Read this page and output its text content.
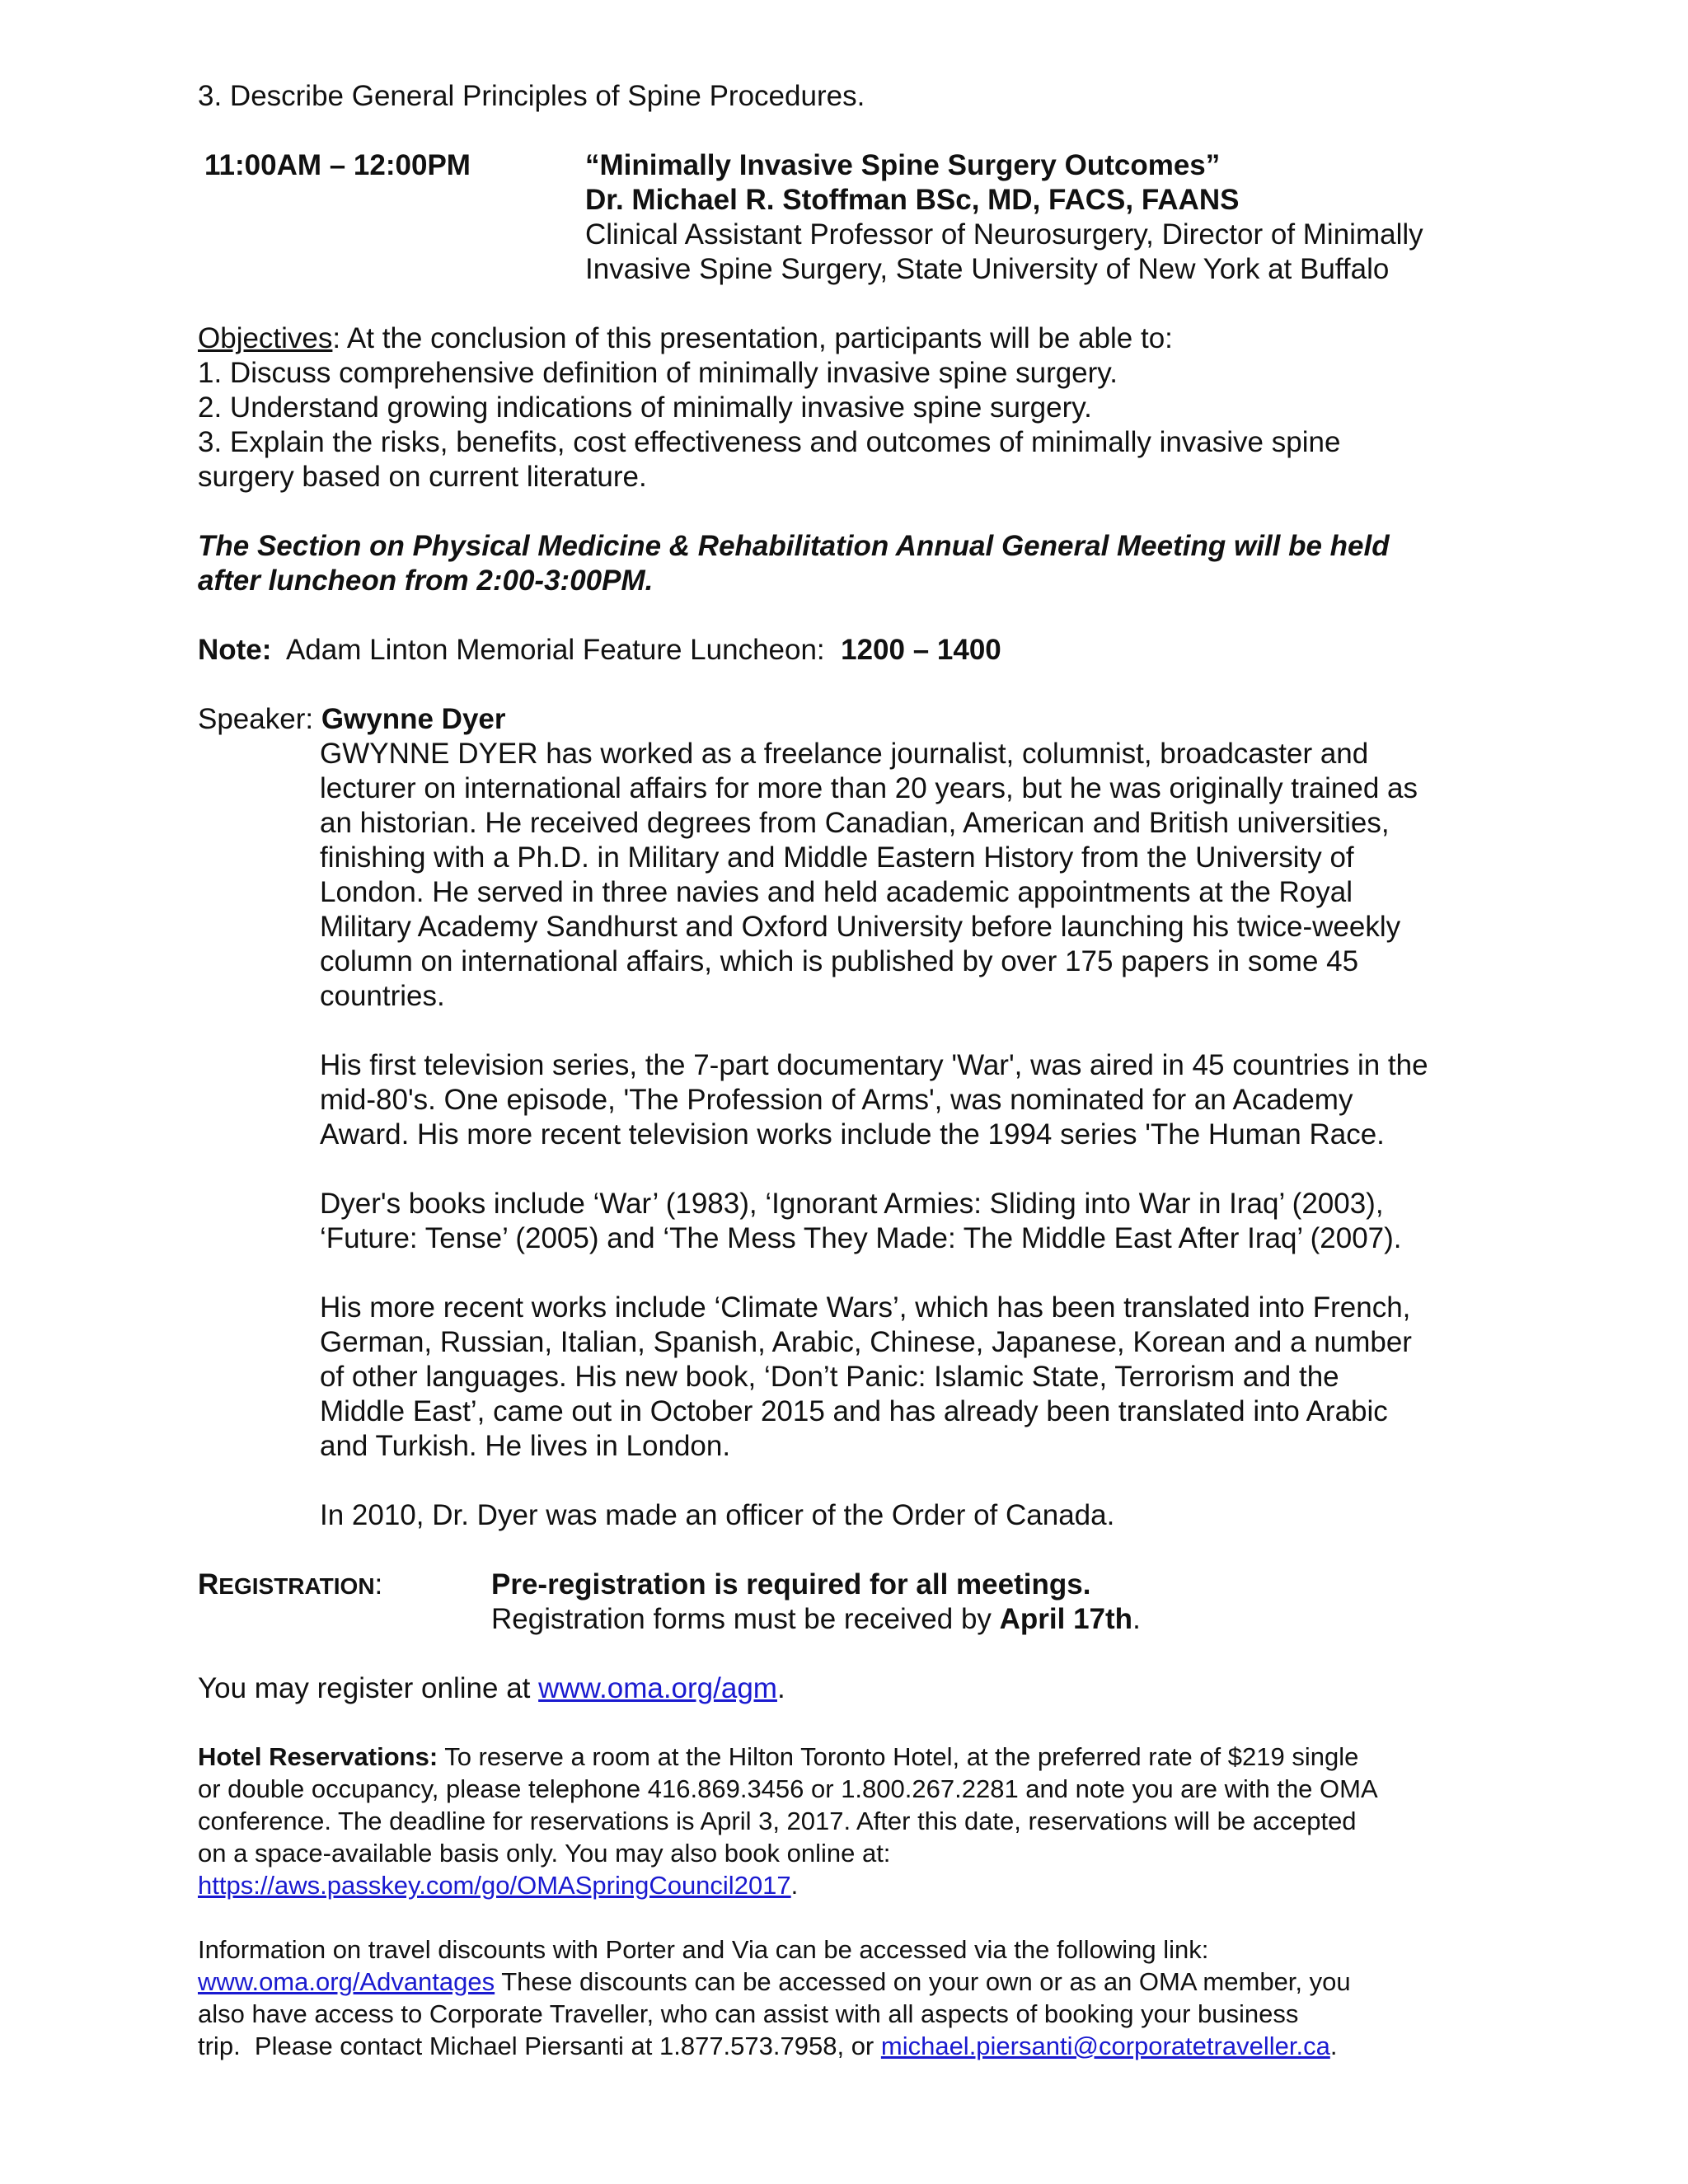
3. Describe General Principles of Spine Procedures.

11:00AM – 12:00PM	“Minimally Invasive Spine Surgery Outcomes”

Dr. Michael R. Stoffman BSc, MD, FACS, FAANS

Clinical Assistant Professor of Neurosurgery, Director of Minimally

Invasive Spine Surgery, State University of New York at Buffalo

Objectives: At the conclusion of this presentation, participants will be able to:

1. Discuss comprehensive definition of minimally invasive spine surgery.

2. Understand growing indications of minimally invasive spine surgery.

3. Explain the risks, benefits, cost effectiveness and outcomes of minimally invasive spine

surgery based on current literature.

The Section on Physical Medicine & Rehabilitation Annual General Meeting will be held

after luncheon from 2:00-3:00PM.

Note:  Adam Linton Memorial Feature Luncheon:  1200 – 1400

Speaker: Gwynne Dyer

GWYNNE DYER has worked as a freelance journalist, columnist, broadcaster and

lecturer on international affairs for more than 20 years, but he was originally trained as

an historian. He received degrees from Canadian, American and British universities,

finishing with a Ph.D. in Military and Middle Eastern History from the University of

London. He served in three navies and held academic appointments at the Royal

Military Academy Sandhurst and Oxford University before launching his twice-weekly

column on international affairs, which is published by over 175 papers in some 45

countries.

His first television series, the 7-part documentary 'War', was aired in 45 countries in the

mid-80's. One episode, 'The Profession of Arms', was nominated for an Academy

Award. His more recent television works include the 1994 series 'The Human Race.

Dyer's books include ‘War’ (1983), ‘Ignorant Armies: Sliding into War in Iraq’ (2003),

‘Future: Tense’ (2005) and ‘The Mess They Made: The Middle East After Iraq’ (2007).

His more recent works include ‘Climate Wars’, which has been translated into French,

German, Russian, Italian, Spanish, Arabic, Chinese, Japanese, Korean and a number

of other languages. His new book, ‘Don’t Panic: Islamic State, Terrorism and the

Middle East’, came out in October 2015 and has already been translated into Arabic

and Turkish. He lives in London.

In 2010, Dr. Dyer was made an officer of the Order of Canada.

REGISTRATION:	Pre-registration is required for all meetings.

Registration forms must be received by April 17th.

You may register online at www.oma.org/agm.

Hotel Reservations: To reserve a room at the Hilton Toronto Hotel, at the preferred rate of $219 single

or double occupancy, please telephone 416.869.3456 or 1.800.267.2281 and note you are with the OMA

conference. The deadline for reservations is April 3, 2017. After this date, reservations will be accepted

on a space-available basis only. You may also book online at:

https://aws.passkey.com/go/OMASpringCouncil2017.

Information on travel discounts with Porter and Via can be accessed via the following link:

www.oma.org/Advantages These discounts can be accessed on your own or as an OMA member, you

also have access to Corporate Traveller, who can assist with all aspects of booking your business

trip.  Please contact Michael Piersanti at 1.877.573.7958, or michael.piersanti@corporatetraveller.ca.
